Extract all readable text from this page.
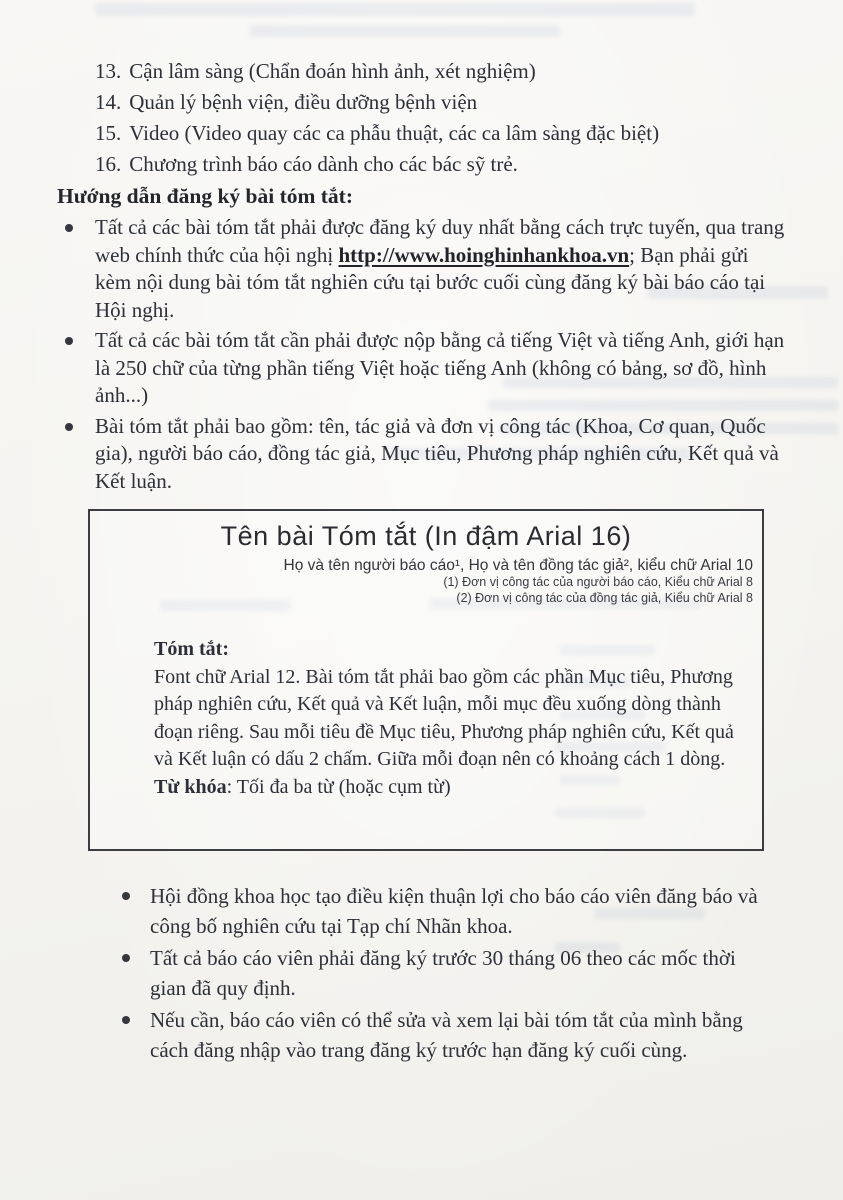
13. Cận lâm sàng (Chẩn đoán hình ảnh, xét nghiệm)
14. Quản lý bệnh viện, điều dưỡng bệnh viện
15. Video (Video quay các ca phẫu thuật, các ca lâm sàng đặc biệt)
16. Chương trình báo cáo dành cho các bác sỹ trẻ.
Hướng dẫn đăng ký bài tóm tắt:
Tất cả các bài tóm tắt phải được đăng ký duy nhất bằng cách trực tuyến, qua trang web chính thức của hội nghị http://www.hoinghinhankhoa.vn; Bạn phải gửi kèm nội dung bài tóm tắt nghiên cứu tại bước cuối cùng đăng ký bài báo cáo tại Hội nghị.
Tất cả các bài tóm tắt cần phải được nộp bằng cả tiếng Việt và tiếng Anh, giới hạn là 250 chữ của từng phần tiếng Việt hoặc tiếng Anh (không có bảng, sơ đồ, hình ảnh...)
Bài tóm tắt phải bao gồm: tên, tác giả và đơn vị công tác (Khoa, Cơ quan, Quốc gia), người báo cáo, đồng tác giả, Mục tiêu, Phương pháp nghiên cứu, Kết quả và Kết luận.
Tên bài Tóm tắt (In đậm Arial 16)
Họ và tên người báo cáo¹, Họ và tên đồng tác giả², kiểu chữ Arial 10
(1) Đơn vị công tác của người báo cáo, Kiểu chữ Arial 8
(2) Đơn vị công tác của đồng tác giả, Kiểu chữ Arial 8
Tóm tắt:
Font chữ Arial 12. Bài tóm tắt phải bao gồm các phần Mục tiêu, Phương pháp nghiên cứu, Kết quả và Kết luận, mỗi mục đều xuống dòng thành đoạn riêng. Sau mỗi tiêu đề Mục tiêu, Phương pháp nghiên cứu, Kết quả và Kết luận có dấu 2 chấm. Giữa mỗi đoạn nên có khoảng cách 1 dòng.
Từ khóa: Tối đa ba từ (hoặc cụm từ)
Hội đồng khoa học tạo điều kiện thuận lợi cho báo cáo viên đăng báo và công bố nghiên cứu tại Tạp chí Nhãn khoa.
Tất cả báo cáo viên phải đăng ký trước 30 tháng 06 theo các mốc thời gian đã quy định.
Nếu cần, báo cáo viên có thể sửa và xem lại bài tóm tắt của mình bằng cách đăng nhập vào trang đăng ký trước hạn đăng ký cuối cùng.
